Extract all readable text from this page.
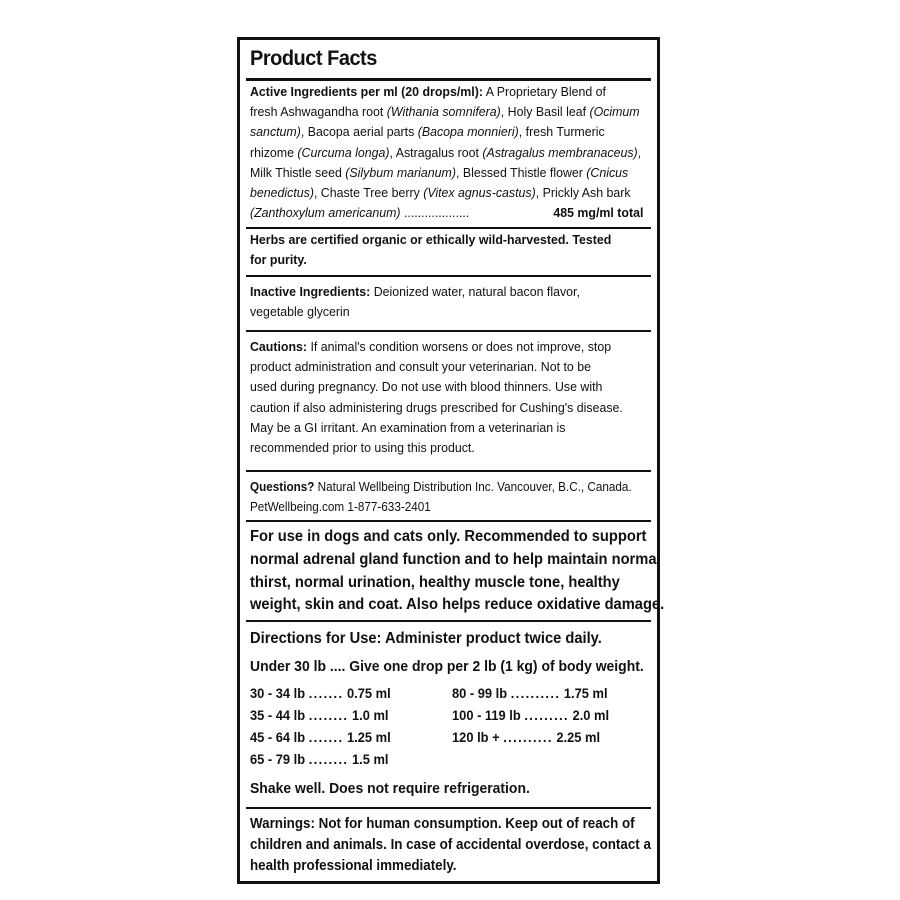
Product Facts
Active Ingredients per ml (20 drops/ml): A Proprietary Blend of
fresh Ashwagandha root (Withania somnifera), Holy Basil leaf (Ocimum
sanctum), Bacopa aerial parts (Bacopa monnieri), fresh Turmeric
rhizome (Curcuma longa), Astragalus root (Astragalus membranaceus),
Milk Thistle seed (Silybum marianum), Blessed Thistle flower (Cnicus
benedictus), Chaste Tree berry (Vitex agnus-castus), Prickly Ash bark
(Zanthoxylum americanum) ...................	485 mg/ml total
Herbs are certified organic or ethically wild-harvested. Tested
for purity.
Inactive Ingredients: Deionized water, natural bacon flavor,
vegetable glycerin
Cautions: If animal's condition worsens or does not improve, stop
product administration and consult your veterinarian. Not to be
used during pregnancy. Do not use with blood thinners. Use with
caution if also administering drugs prescribed for Cushing's disease.
May be a GI irritant. An examination from a veterinarian is
recommended prior to using this product.
Questions? Natural Wellbeing Distribution Inc. Vancouver, B.C., Canada.
PetWellbeing.com 1-877-633-2401
For use in dogs and cats only. Recommended to support
normal adrenal gland function and to help maintain normal
thirst, normal urination, healthy muscle tone, healthy
weight, skin and coat. Also helps reduce oxidative damage.
Directions for Use: Administer product twice daily.
Under 30 lb .... Give one drop per 2 lb (1 kg) of body weight.
30 - 34 lb ....... 0.75 ml
35 - 44 lb ........ 1.0 ml
45 - 64 lb ....... 1.25 ml
65 - 79 lb ........ 1.5 ml
80 - 99 lb .......... 1.75 ml
100 - 119 lb ......... 2.0 ml
120 lb + .......... 2.25 ml
Shake well. Does not require refrigeration.
Warnings: Not for human consumption. Keep out of reach of
children and animals. In case of accidental overdose, contact a
health professional immediately.
